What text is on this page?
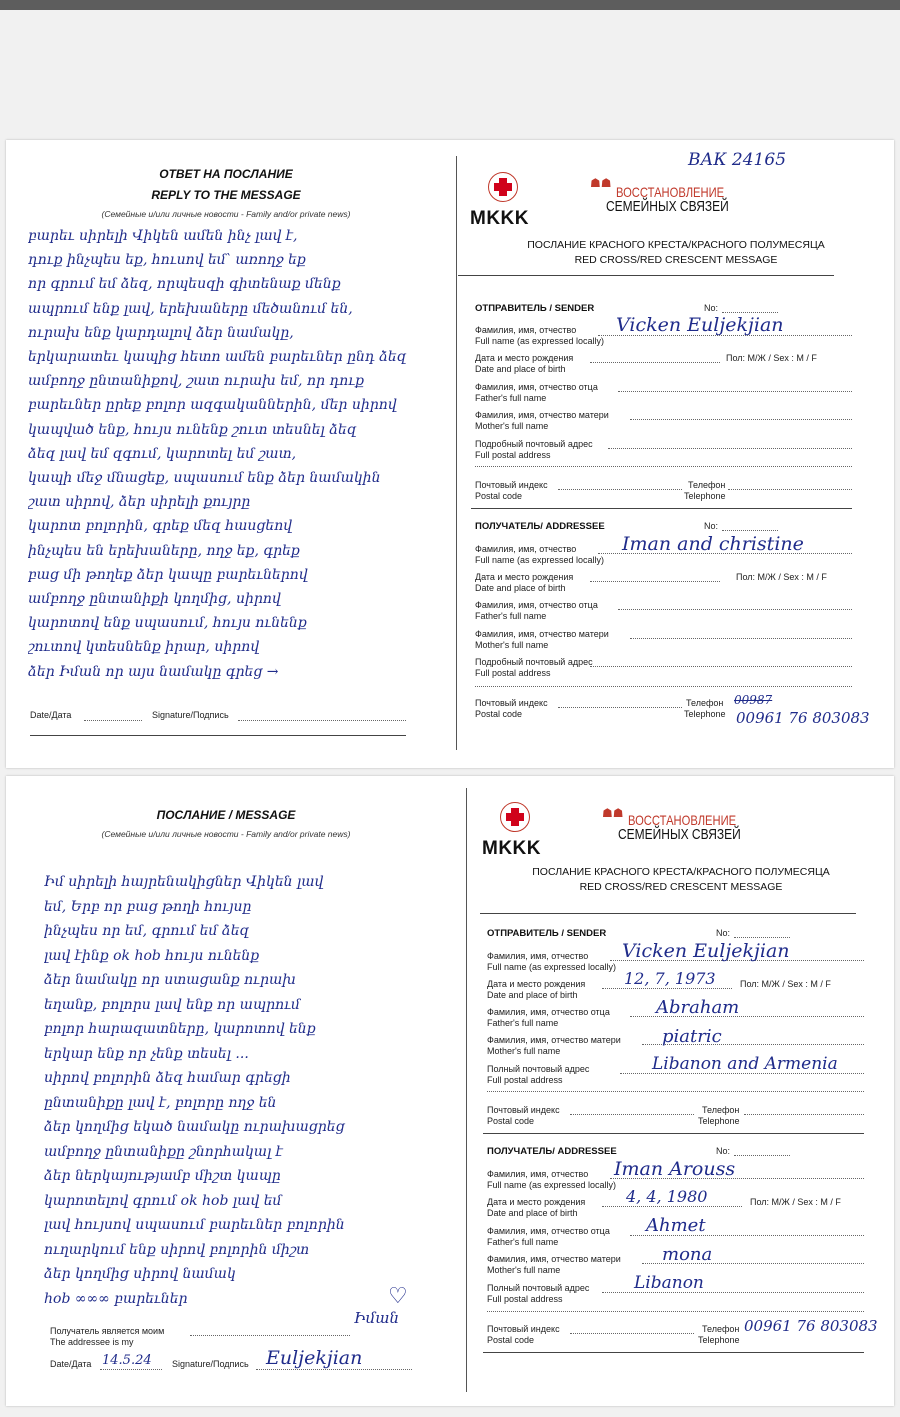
ОТВЕТ НА ПОСЛАНИЕ
REPLY TO THE MESSAGE
(Семейные и/или личные новости - Family and/or private news)
բարեւ սիրելի Վիկեն ամեն ինչ լավ է,
դուք ինչպես եք, հուսով եմ՝ առողջ եք
որ գրում եմ ձեզ, որպեսզի գիտենաք մենք
ապրում ենք լավ, երեխաները մեծանում են,
ուրախ ենք կարդալով ձեր նամակը,
երկարատեւ կապից հետո ամեն բարեւներ ընդ ձեզ
ամբողջ ընտանիքով, շատ ուրախ եմ, որ դուք
բարեւներ ըրեք բոլոր ազգականներին, մեր սիրով
կապված ենք, հույս ունենք շուտ տեսնել ձեզ
ձեզ լավ եմ զգում, կարոտել եմ շատ,
կապի մեջ մնացեք, սպասում ենք ձեր նամակին
շատ սիրով, ձեր սիրելի քույրը
կարոտ բոլորին, գրեք մեզ հասցեով
ինչպես են երեխաները, ողջ եք, գրեք
բաց մի թողեք ձեր կապը բարեւներով
ամբողջ ընտանիքի կողմից, սիրով
կարոտով ենք սպասում, հույս ունենք
շուտով կտեսնենք իրար, սիրով
ձեր Իման որ այս նամակը գրեց →
Date/Дата	Signature/Подпись
ВАК 24165
MKKK
☗☗
ВОССТАНОВЛЕНИЕ
СЕМЕЙНЫХ СВЯЗЕЙ
ПОСЛАНИЕ КРАСНОГО КРЕСТА/КРАСНОГО ПОЛУМЕСЯЦА
RED CROSS/RED CRESCENT MESSAGE
ОТПРАВИТЕЛЬ / SENDER	No:
Фамилия, имя, отчество
Full name (as expressed locally)
Vicken Euljekjian
Дата и место рождения
Date and place of birth
Пол: М/Ж / Sex : M / F
Фамилия, имя, отчество отца
Father's full name
Фамилия, имя, отчество матери
Mother's full name
Подробный почтовый адрес
Full postal address
Почтовый индекс
Postal code
Телефон
Telephone
ПОЛУЧАТЕЛЬ/ ADDRESSEE	No:
Фамилия, имя, отчество
Full name (as expressed locally)
Iman and christine
Дата и место рождения
Date and place of birth
Пол: М/Ж / Sex : M / F
Фамилия, имя, отчество отца
Father's full name
Фамилия, имя, отчество матери
Mother's full name
Подробный почтовый адрес
Full postal address
Почтовый индекс
Postal code
Телефон
Telephone
00987
00961 76 803083
ПОСЛАНИЕ / MESSAGE
(Семейные и/или личные новости - Family and/or private news)
Իմ սիրելի հայրենակիցներ Վիկեն լավ
եմ, Երբ որ բաց թողի հույսը
ինչպես որ եմ, գրում եմ ձեզ
լավ էինք ok hob հույս ունենք
ձեր նամակը որ ստացանք ուրախ
եղանք, բոլորս լավ ենք որ ապրում
բոլոր հարազատները, կարոտով ենք
երկար ենք որ չենք տեսել ...
սիրով բոլորին ձեզ համար գրեցի
ընտանիքը լավ է, բոլորը ողջ են
ձեր կողմից եկած նամակը ուրախացրեց
ամբողջ ընտանիքը շնորհակալ է
ձեր ներկայությամբ միշտ կապը
կարոտելով գրում ok hob լավ եմ
լավ հույսով սպասում բարեւներ բոլորին
ուղարկում ենք սիրով բոլորին միշտ
ձեր կողմից սիրով նամակ
hob ∞∞∞ բարեւներ
Իման
♡
Получатель является моим
The addressee is my
Date/Дата 14.5.24 Signature/Подпись Euljekjian
MKKK
☗☗ ВОССТАНОВЛЕНИЕ
СЕМЕЙНЫХ СВЯЗЕЙ
ПОСЛАНИЕ КРАСНОГО КРЕСТА/КРАСНОГО ПОЛУМЕСЯЦА
RED CROSS/RED CRESCENT MESSAGE
ОТПРАВИТЕЛЬ / SENDER	No:
Фамилия, имя, отчество
Full name (as expressed locally)
Vicken Euljekjian
Дата и место рождения
Date and place of birth
12, 7, 1973	Пол: М/Ж / Sex : M / F
Фамилия, имя, отчество отца
Father's full name
Abraham
Фамилия, имя, отчество матери
Mother's full name
piatric
Полный почтовый адрес
Full postal address
Libanon and Armenia
Почтовый индекс
Postal code
Телефон
Telephone
ПОЛУЧАТЕЛЬ/ ADDRESSEE	No:
Фамилия, имя, отчество
Full name (as expressed locally)
Iman Arouss
Дата и место рождения
Date and place of birth
4, 4, 1980	Пол: М/Ж / Sex : M / F
Фамилия, имя, отчество отца
Father's full name
Ahmet
Фамилия, имя, отчество матери
Mother's full name
mona
Полный почтовый адрес
Full postal address
Libanon
Почтовый индекс
Postal code
Телефон
Telephone
00961 76 803083
